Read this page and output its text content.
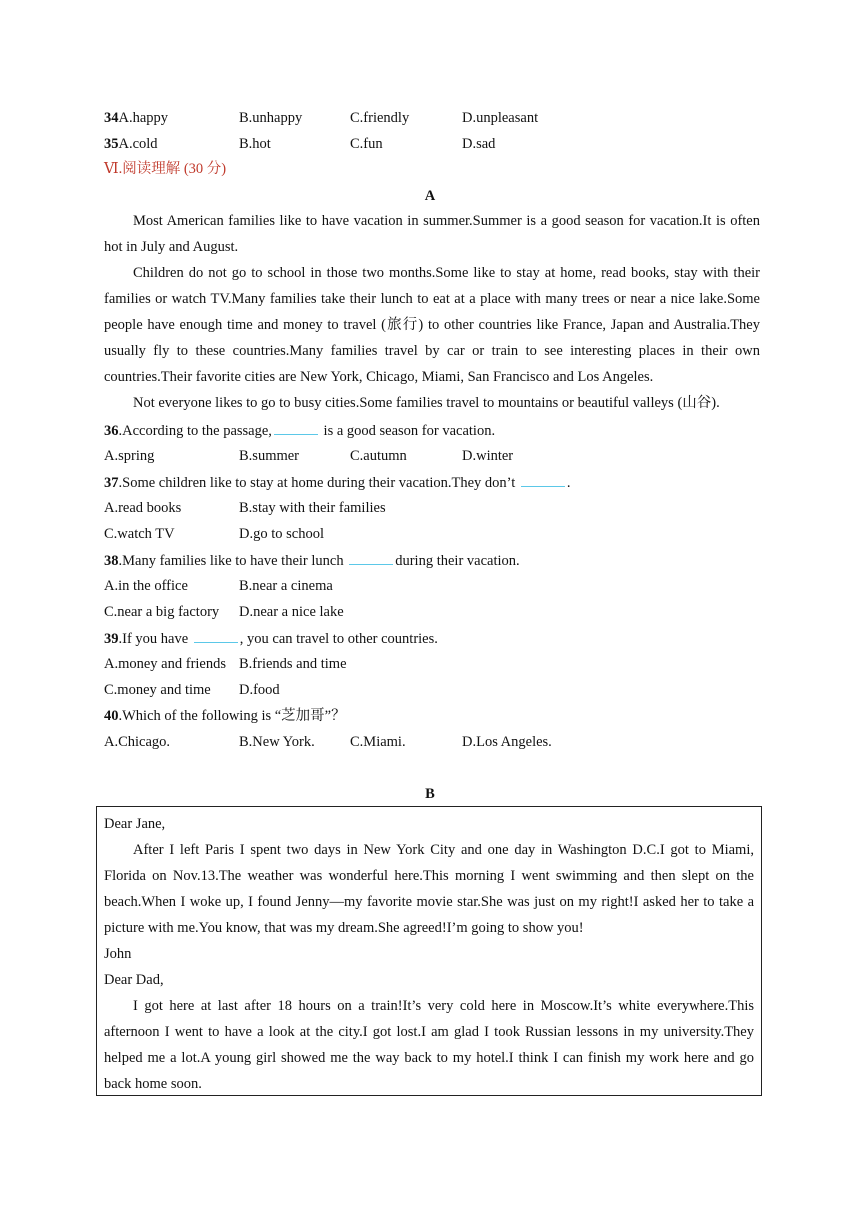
34A.happy	B.unhappy	C.friendly	D.unpleasant
35A.cold	B.hot	C.fun	D.sad
Ⅵ.阅读理解 (30 分)
A
Most American families like to have vacation in summer.Summer is a good season for vacation.It is often hot in July and August.
Children do not go to school in those two months.Some like to stay at home, read books, stay with their families or watch TV.Many families take their lunch to eat at a place with many trees or near a nice lake.Some people have enough time and money to travel (旅行) to other countries like France, Japan and Australia.They usually fly to these countries.Many families travel by car or train to see interesting places in their own countries.Their favorite cities are New York, Chicago, Miami, San Francisco and Los Angeles.
Not everyone likes to go to busy cities.Some families travel to mountains or beautiful valleys (山谷).
36.According to the passage,	is a good season for vacation.
A.spring	B.summer	C.autumn	D.winter
37.Some children like to stay at home during their vacation.They don’t	.
A.read books	B.stay with their families
C.watch TV	D.go to school
38.Many families like to have their lunch	during their vacation.
A.in the office	B.near a cinema
C.near a big factory D.near a nice lake
39.If you have	, you can travel to other countries.
A.money and friends B.friends and time
C.money and time D.food
40.Which of the following is “芝加哥”？
A.Chicago.	B.New York. C.Miami.	D.Los Angeles.
B
Dear Jane,
After I left Paris I spent two days in New York City and one day in Washington D.C.I got to Miami, Florida on Nov.13.The weather was wonderful here.This morning I went swimming and then slept on the beach.When I woke up, I found Jenny—my favorite movie star.She was just on my right!I asked her to take a picture with me.You know, that was my dream.She agreed!I’m going to show you!
John
Dear Dad,
I got here at last after 18 hours on a train!It’s very cold here in Moscow.It’s white everywhere.This afternoon I went to have a look at the city.I got lost.I am glad I took Russian lessons in my university.They helped me a lot.A young girl showed me the way back to my hotel.I think I can finish my work here and go back home soon.
